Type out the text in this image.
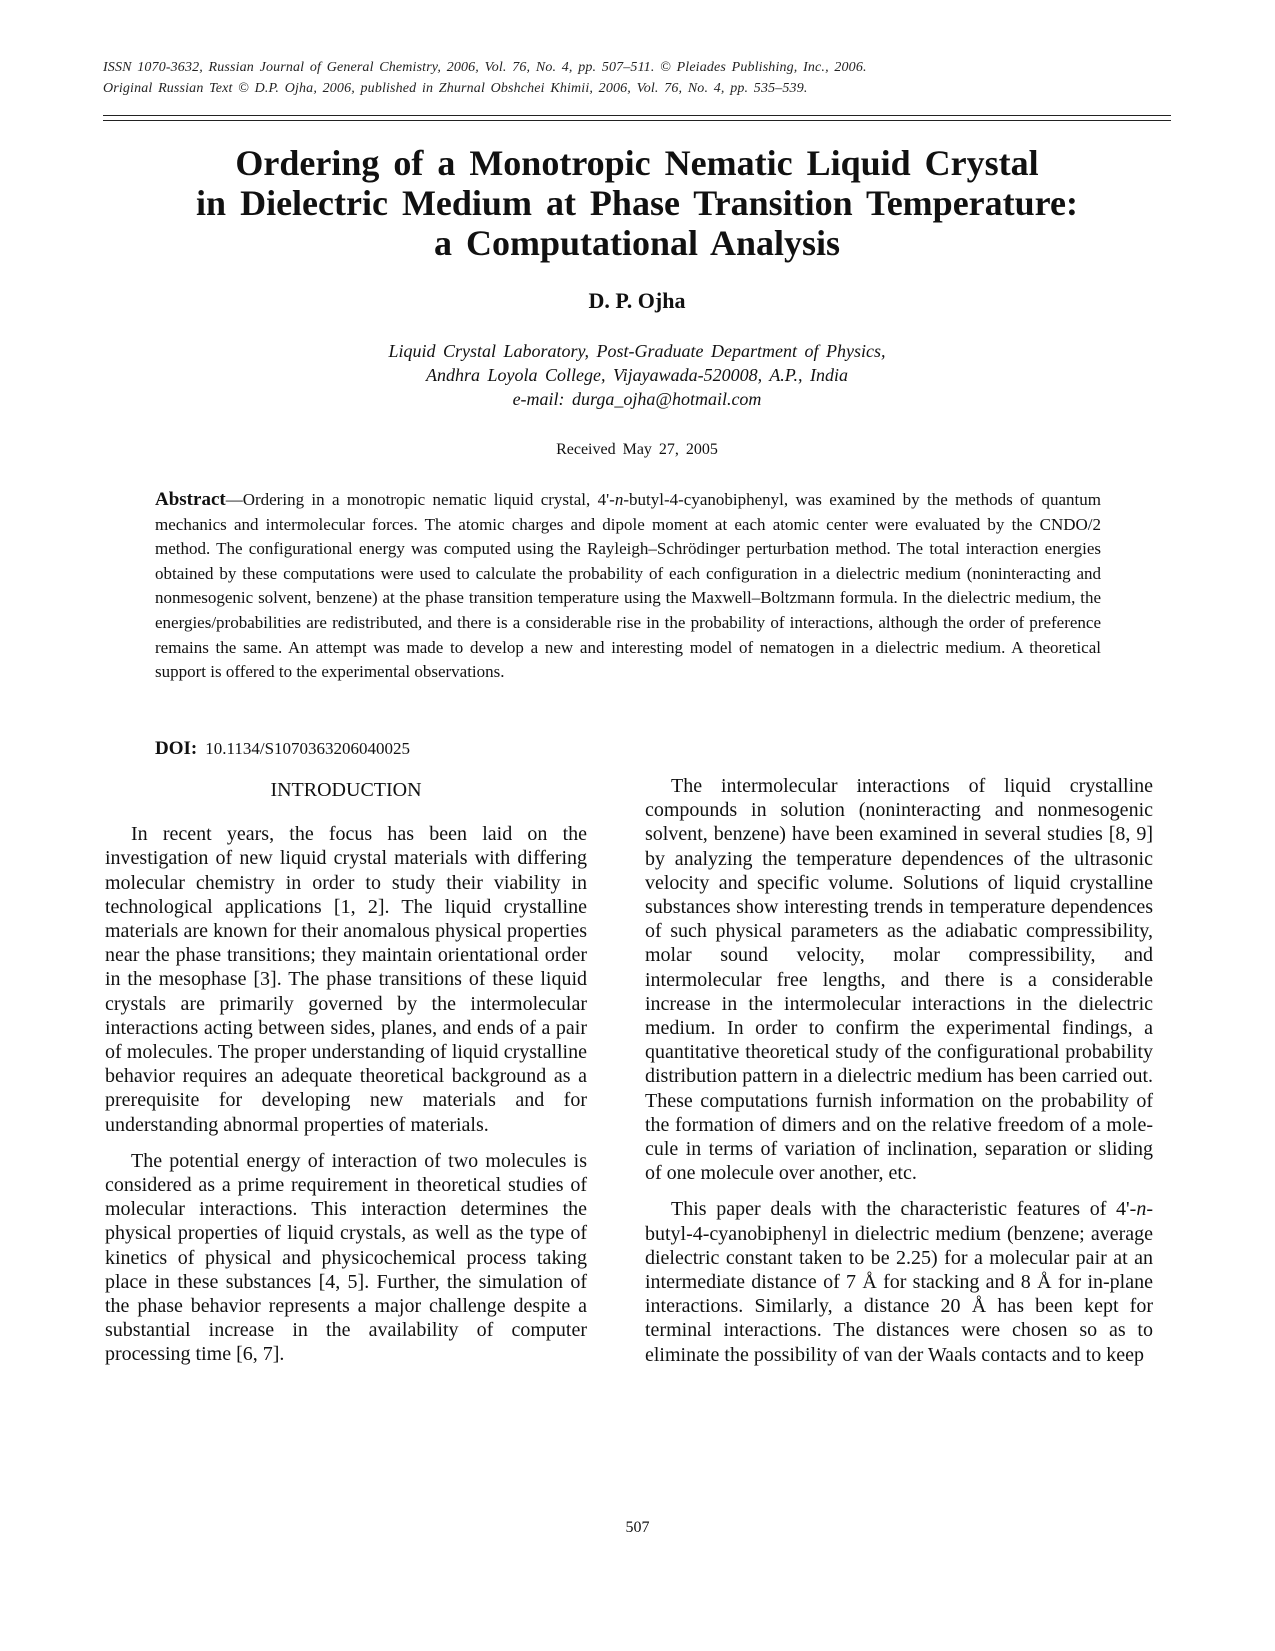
ISSN 1070-3632, Russian Journal of General Chemistry, 2006, Vol. 76, No. 4, pp. 507–511. © Pleiades Publishing, Inc., 2006.
Original Russian Text © D.P. Ojha, 2006, published in Zhurnal Obshchei Khimii, 2006, Vol. 76, No. 4, pp. 535–539.
Ordering of a Monotropic Nematic Liquid Crystal
in Dielectric Medium at Phase Transition Temperature:
a Computational Analysis
D. P. Ojha
Liquid Crystal Laboratory, Post-Graduate Department of Physics,
Andhra Loyola College, Vijayawada-520008, A.P., India
e-mail: durga_ojha@hotmail.com
Received May 27, 2005
Abstract—Ordering in a monotropic nematic liquid crystal, 4'-n-butyl-4-cyanobiphenyl, was examined by the methods of quantum mechanics and intermolecular forces. The atomic charges and dipole moment at each atomic center were evaluated by the CNDO/2 method. The configurational energy was computed using the Rayleigh–Schrödinger perturbation method. The total interaction energies obtained by these computations were used to calculate the probability of each configuration in a dielectric medium (noninteracting and nonmesogenic solvent, benzene) at the phase transition temperature using the Maxwell–Boltzmann formula. In the dielectric medium, the energies/probabilities are redistributed, and there is a considerable rise in the probability of interactions, although the order of preference remains the same. An attempt was made to develop a new and interesting model of nematogen in a dielectric medium. A theoretical support is offered to the experimental observations.
DOI: 10.1134/S1070363206040025
INTRODUCTION

In recent years, the focus has been laid on the investigation of new liquid crystal materials with differing molecular chemistry in order to study their viability in technological applications [1, 2]. The liquid crystalline materials are known for their anomalous physical properties near the phase transitions; they maintain orientational order in the mesophase [3]. The phase transitions of these liquid crystals are primarily governed by the intermolecular interactions acting between sides, planes, and ends of a pair of molecules. The proper understanding of liquid crystalline behavior requires an adequate theoretical background as a prerequisite for developing new materials and for understanding abnormal properties of materials.

The potential energy of interaction of two molecules is considered as a prime requirement in theoretical studies of molecular interactions. This interaction determines the physical properties of liquid crystals, as well as the type of kinetics of physical and physicochemical process taking place in these substances [4, 5]. Further, the simulation of the phase behavior represents a major challenge despite a substantial increase in the availability of computer processing time [6, 7].

The intermolecular interactions of liquid crystalline compounds in solution (noninteracting and nonmesogenic solvent, benzene) have been examined in several studies [8, 9] by analyzing the temperature dependences of the ultrasonic velocity and specific volume. Solutions of liquid crystalline substances show interesting trends in temperature dependences of such physical parameters as the adiabatic compressibility, molar sound velocity, molar compressibility, and intermolecular free lengths, and there is a considerable increase in the intermolecular interactions in the dielectric medium. In order to confirm the experimental findings, a quantitative theoretical study of the configurational probability distribution pattern in a dielectric medium has been carried out. These computations furnish information on the probability of the formation of dimers and on the relative freedom of a molecule in terms of variation of inclination, separation or sliding of one molecule over another, etc.

This paper deals with the characteristic features of 4'-n-butyl-4-cyanobiphenyl in dielectric medium (benzene; average dielectric constant taken to be 2.25) for a molecular pair at an intermediate distance of 7 Å for stacking and 8 Å for in-plane interactions. Similarly, a distance 20 Å has been kept for terminal interactions. The distances were chosen so as to eliminate the possibility of van der Waals contacts and to keep

507
